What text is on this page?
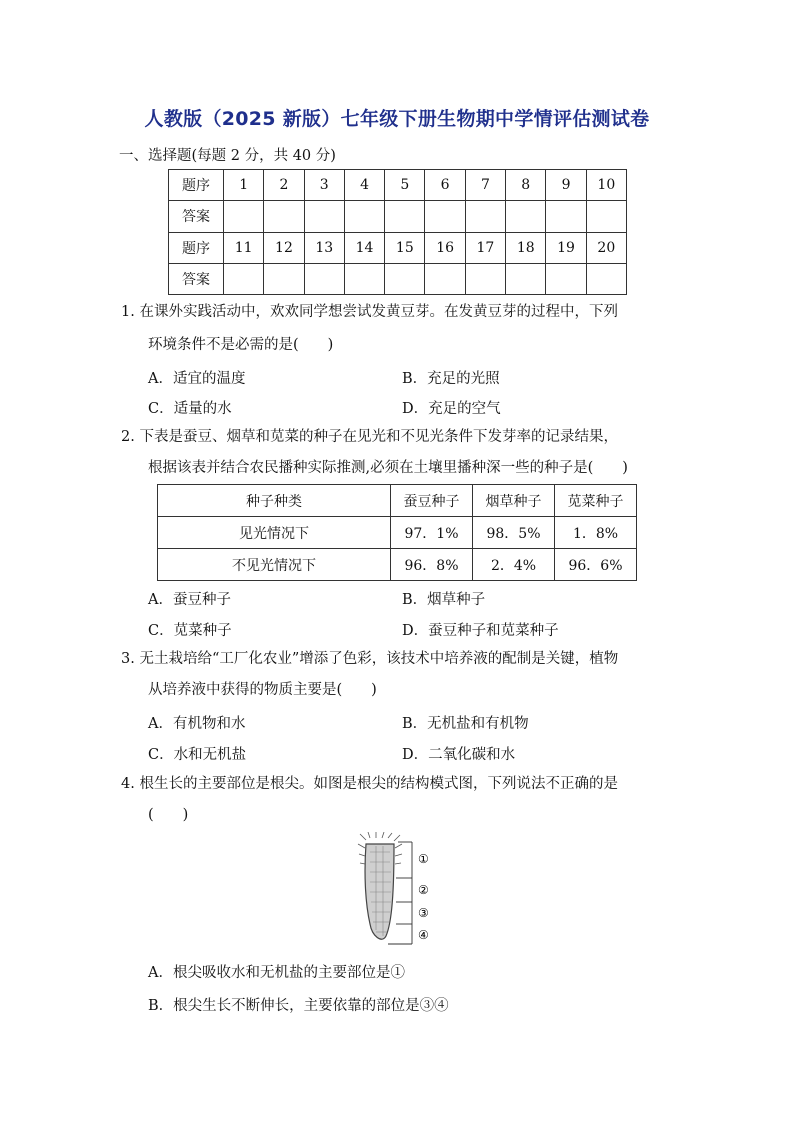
人教版（2025 新版）七年级下册生物期中学情评估测试卷
一、选择题(每题 2 分，共 40 分)
题序	1	2	3	4	5	6	7	8	9	10
答案										
题序	11	12	13	14	15	16	17	18	19	20
答案										
1. 在课外实践活动中，欢欢同学想尝试发黄豆芽。在发黄豆芽的过程中，下列
环境条件不是必需的是(　　)
A．适宜的温度	B．充足的光照
C．适量的水	D．充足的空气
2. 下表是蚕豆、烟草和苋菜的种子在见光和不见光条件下发芽率的记录结果，
根据该表并结合农民播种实际推测,必须在土壤里播种深一些的种子是(　　)
种子种类	蚕豆种子	烟草种子	苋菜种子
见光情况下	97．1%	98．5%	1．8%
不见光情况下	96．8%	2．4%	96．6%
A．蚕豆种子	B．烟草种子
C．苋菜种子	D．蚕豆种子和苋菜种子
3. 无土栽培给“工厂化农业”增添了色彩，该技术中培养液的配制是关键，植物
从培养液中获得的物质主要是(　　)
A．有机物和水	B．无机盐和有机物
C．水和无机盐	D．二氧化碳和水
4. 根生长的主要部位是根尖。如图是根尖的结构模式图，下列说法不正确的是
(　　)
①
②
③
④
A．根尖吸收水和无机盐的主要部位是①
B．根尖生长不断伸长，主要依靠的部位是③④
